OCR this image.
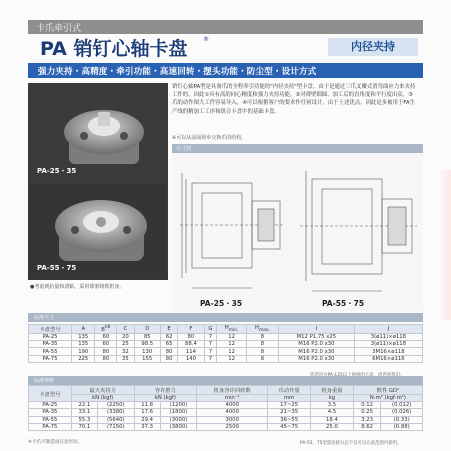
卡爪牵引式
PA 销钉心轴卡盘	®
内径夹持
强力夹持・高精度・牵引功能・高速回转・摆头功能・防尘型・设计方式
PA-25・35
PA-55・75
销钉心轴PA型是具备爪的全程牵引功能的"内径夹持"型卡盘。由于是通过三爪叉瓣式消弯曲应力来夹持工件的，因此①具有高的同心精度和强力夹持功能，②对薄壁细圆、加工后的直角度和平行度出众，③爪的动作图大工件容易导入，④可以根据客户的要求作任何设计，由于上述优点，因此是多被用于FA生产线的精加工工序和组合卡盘中的基础卡盘。
※可以从前面简单交换爪的结构。
尺寸图
PA-25・35	PA-55・75
●考虑到抗量和清粘，采用球墨铸铁机身。
标准尺寸
卡盘型号	A	$B^{h6}$	C	D	E	F	G	$H_{min.}$	$H_{max.}$	I	J
PA-25	135	60	20	85	62	80	7	12	8	M12 P1.75 x25	3(ø11)×ø118
PA-35	135	60	25	98.5	65	88.4	7	12	8	M16 P2.0 x30	3(ø11)×ø118
PA-55	190	80	32	130	80	114	7	12	8	M16 P2.0 x30	3M16×ø118
PA-75	225	80	35	155	80	140	7	12	8	M16 P2.0 x30	6M16×ø116
标准规格
卡盘型号	最大夹持力		容许推力		机身容许回转数	爪动作量	机身重量	惯性 GD²	
	kN (kgf)		kN (kgf)		min⁻¹	mm	kg	N·m² (kgf·m²)	
PA-25	22.1	(2250)	11.8	(1200)	4000	17~25	3.5	0.12	(0.012)
PA-35	33.1	(3380)	17.6	(1800)	4000	21~35	4.5	0.25	(0.026)
PA-55	55.3	(5640)	29.4	(3000)	3000	36~55	18.4	3.23	(0.33)
PA-75	70.1	(7150)	37.3	(3800)	2500	45~75	25.0	8.62	(0.88)
※卡爪可制造成任意形状。	PA-55、75型需连接分总不仅可以在此范围内使用。
